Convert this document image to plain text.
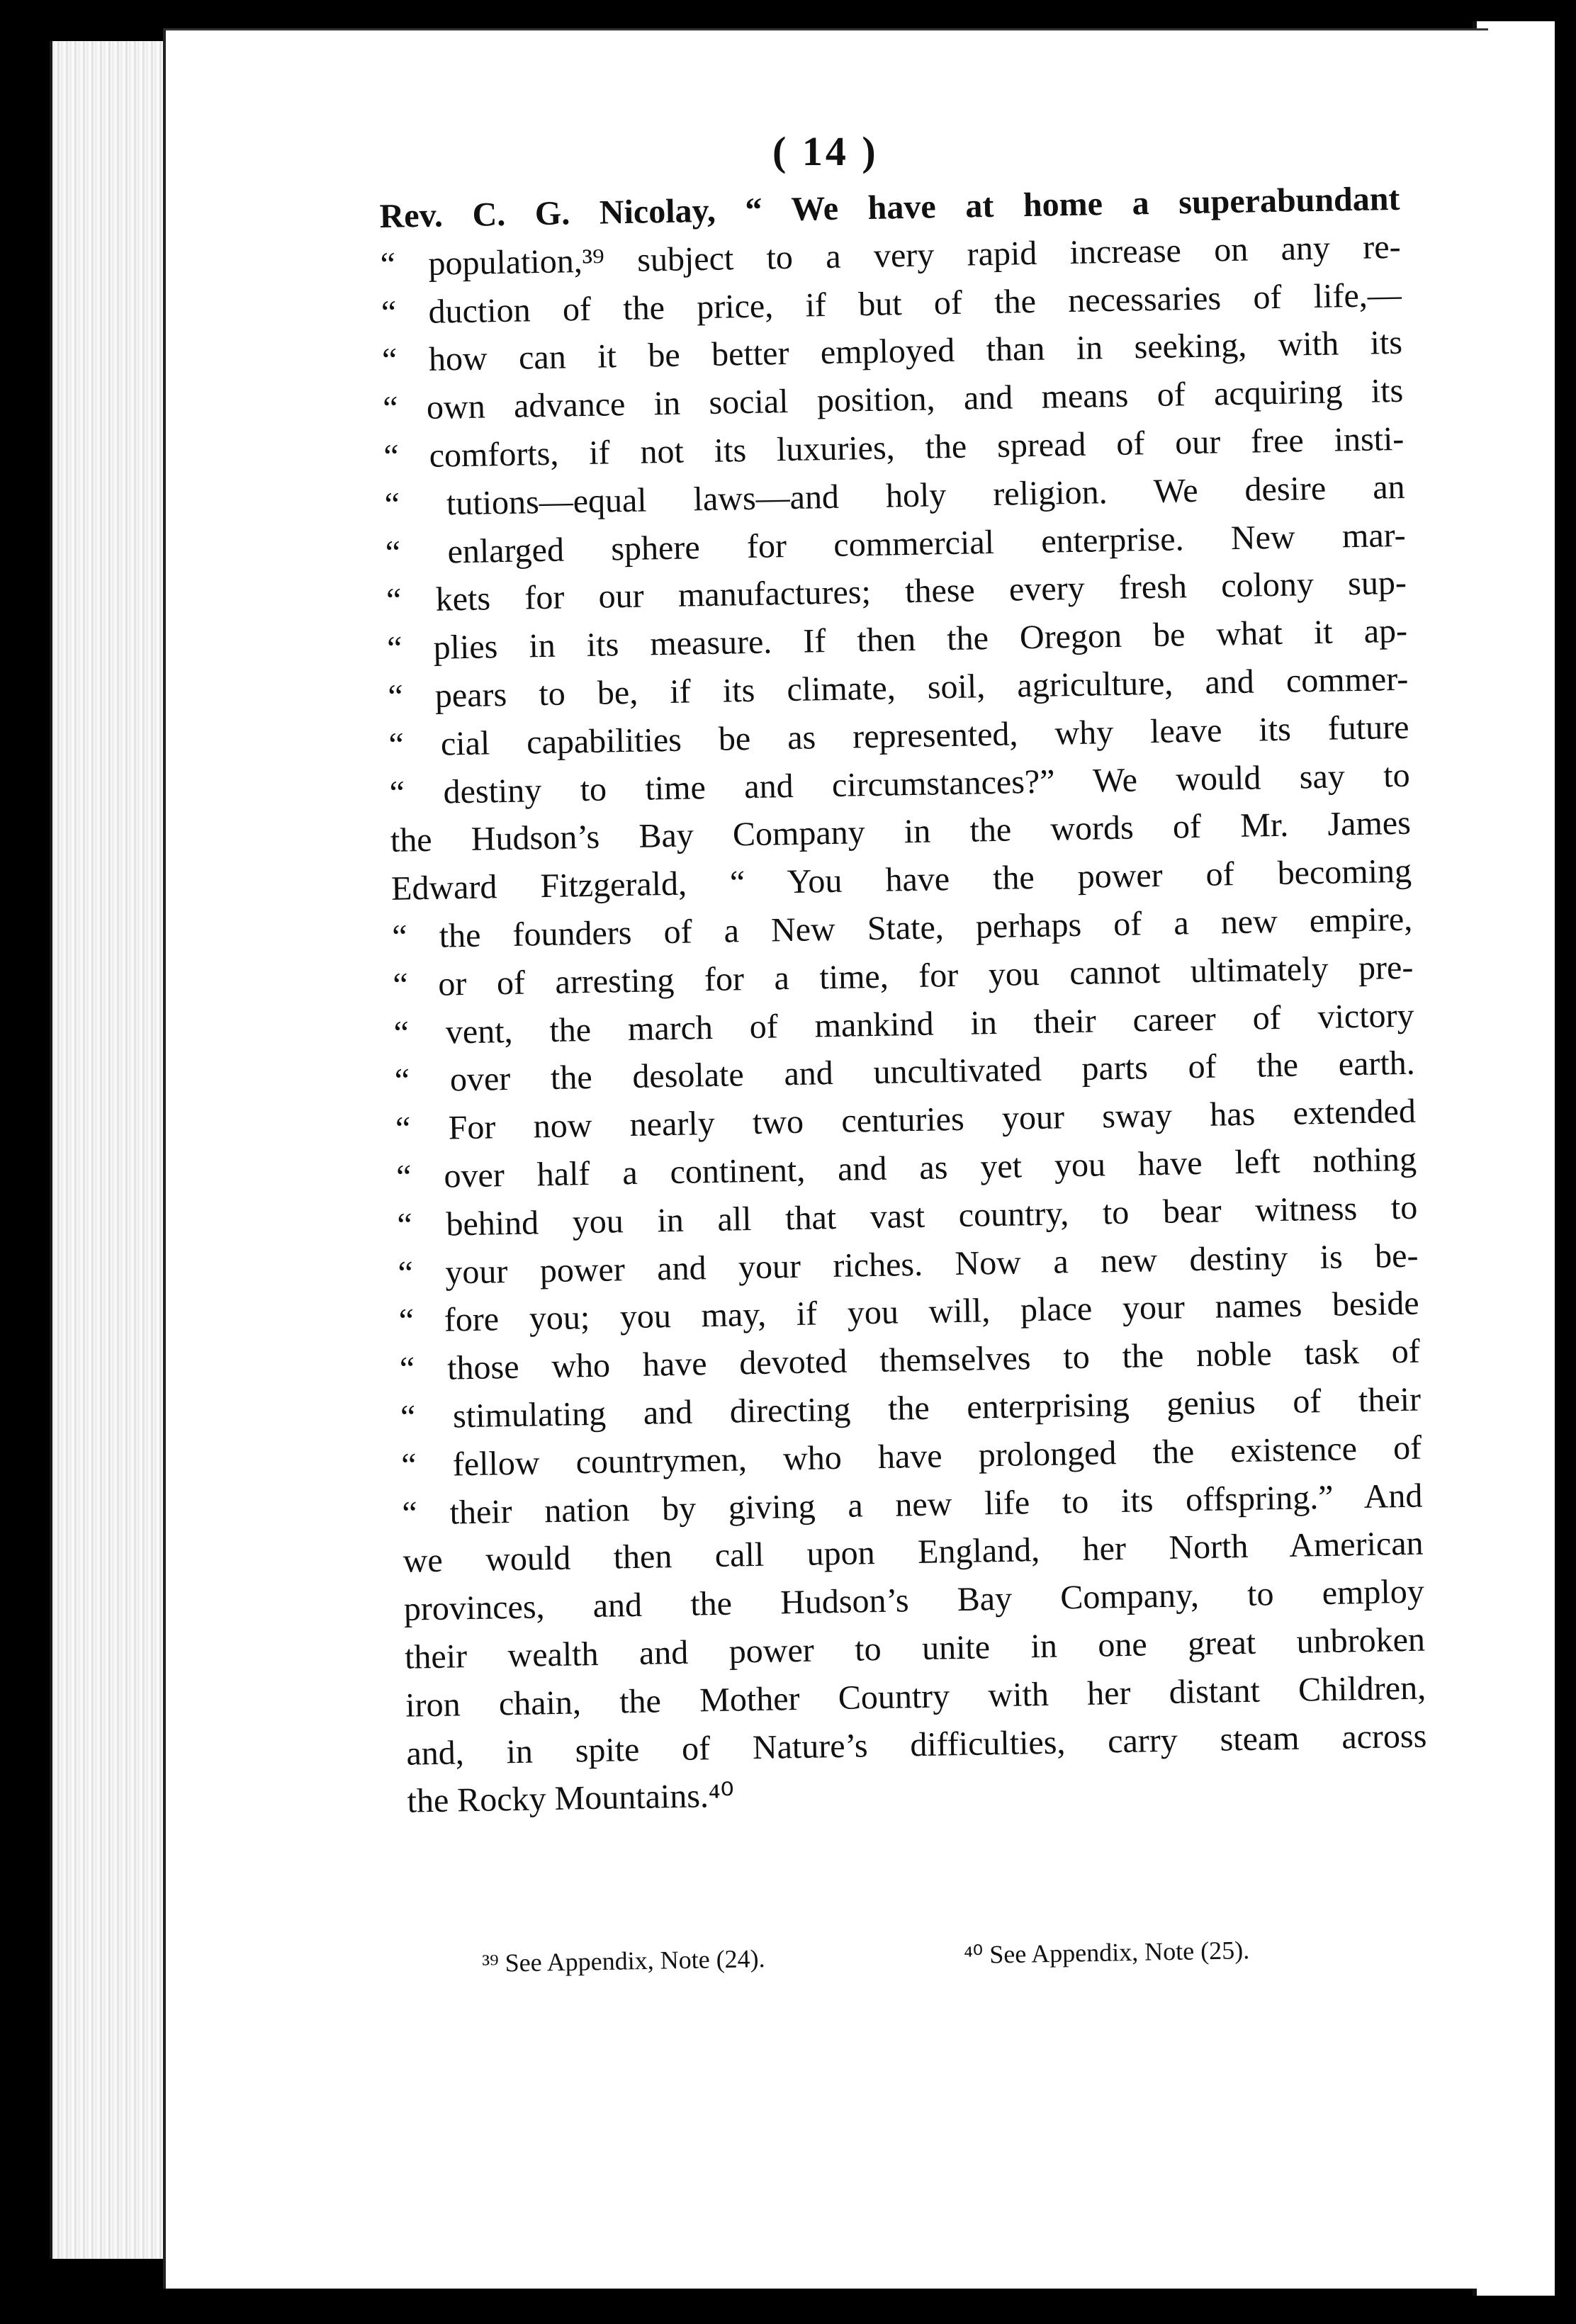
( 14 )
Rev. C. G. Nicolay, “ We have at home a superabundant
“ population,³⁹ subject to a very rapid increase on any re-
“ duction of the price, if but of the necessaries of life,—
“ how can it be better employed than in seeking, with its
“ own advance in social position, and means of acquiring its
“ comforts, if not its luxuries, the spread of our free insti-
“ tutions—equal laws—and holy religion. We desire an
“ enlarged sphere for commercial enterprise. New mar-
“ kets for our manufactures; these every fresh colony sup-
“ plies in its measure. If then the Oregon be what it ap-
“ pears to be, if its climate, soil, agriculture, and commer-
“ cial capabilities be as represented, why leave its future
“ destiny to time and circumstances?” We would say to
the Hudson’s Bay Company in the words of Mr. James
Edward Fitzgerald, “ You have the power of becoming
“ the founders of a New State, perhaps of a new empire,
“ or of arresting for a time, for you cannot ultimately pre-
“ vent, the march of mankind in their career of victory
“ over the desolate and uncultivated parts of the earth.
“ For now nearly two centuries your sway has extended
“ over half a continent, and as yet you have left nothing
“ behind you in all that vast country, to bear witness to
“ your power and your riches. Now a new destiny is be-
“ fore you; you may, if you will, place your names beside
“ those who have devoted themselves to the noble task of
“ stimulating and directing the enterprising genius of their
“ fellow countrymen, who have prolonged the existence of
“ their nation by giving a new life to its offspring.” And
we would then call upon England, her North American
provinces, and the Hudson’s Bay Company, to employ
their wealth and power to unite in one great unbroken
iron chain, the Mother Country with her distant Children,
and, in spite of Nature’s difficulties, carry steam across
the Rocky Mountains.⁴⁰
³⁹ See Appendix, Note (24).	⁴⁰ See Appendix, Note (25).
